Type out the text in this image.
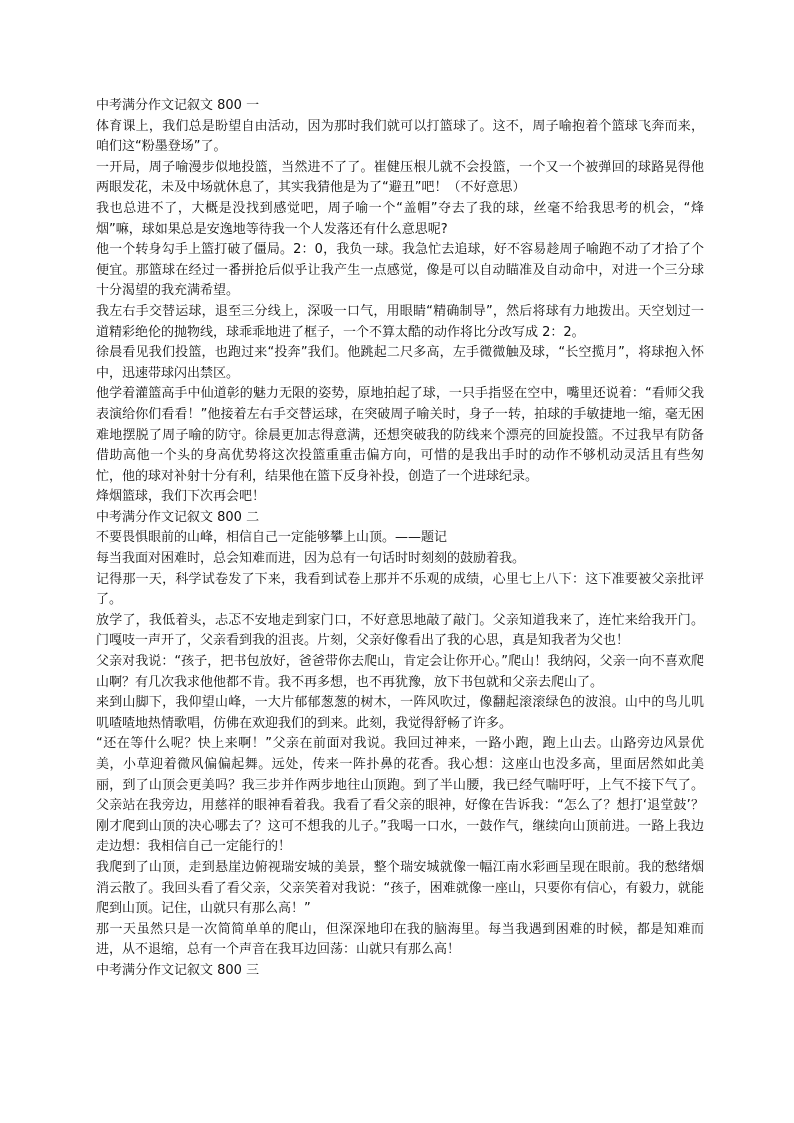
中考满分作文记叙文 800 一

体育课上，我们总是盼望自由活动，因为那时我们就可以打篮球了。这不，周子喻抱着个篮球飞奔而来，咱们这“粉墨登场”了。

一开局，周子喻漫步似地投篮，当然进不了了。崔健压根儿就不会投篮，一个又一个被弹回的球路晃得他两眼发花，未及中场就休息了，其实我猜他是为了“避丑”吧！（不好意思）

我也总进不了，大概是没找到感觉吧，周子喻一个“盖帽”夺去了我的球，丝毫不给我思考的机会，“烽烟”嘛，球如果总是安逸地等待我一个人发落还有什么意思呢?

他一个转身勾手上篮打破了僵局。2：0，我负一球。我急忙去追球，好不容易趁周子喻跑不动了才拾了个便宜。那篮球在经过一番拼抢后似乎让我产生一点感觉，像是可以自动瞄准及自动命中，对进一个三分球十分渴望的我充满希望。

我左右手交替运球，退至三分线上，深吸一口气，用眼睛“精确制导”，然后将球有力地拨出。天空划过一道精彩绝伦的抛物线，球乖乖地进了框子，一个不算太酷的动作将比分改写成 2：2。

徐晨看见我们投篮，也跑过来“投奔”我们。他跳起二尺多高，左手微微触及球，“长空揽月”，将球抱入怀中，迅速带球闪出禁区。

他学着灌篮高手中仙道彰的魅力无限的姿势，原地拍起了球，一只手指竖在空中，嘴里还说着：“看师父我表演给你们看看！”他接着左右手交替运球，在突破周子喻关时，身子一转，拍球的手敏捷地一缩，毫无困难地摆脱了周子喻的防守。徐晨更加志得意满，还想突破我的防线来个漂亮的回旋投篮。不过我早有防备借助高他一个头的身高优势将这次投篮重重击偏方向，可惜的是我出手时的动作不够机动灵活且有些匆忙，他的球对补射十分有利，结果他在篮下反身补投，创造了一个进球纪录。

烽烟篮球，我们下次再会吧！

中考满分作文记叙文 800 二

不要畏惧眼前的山峰，相信自己一定能够攀上山顶。——题记

每当我面对困难时，总会知难而进，因为总有一句话时时刻刻的鼓励着我。

记得那一天，科学试卷发了下来，我看到试卷上那并不乐观的成绩，心里七上八下：这下准要被父亲批评了。

放学了，我低着头，忐忑不安地走到家门口，不好意思地敲了敲门。父亲知道我来了，连忙来给我开门。门嘎吱一声开了，父亲看到我的沮丧。片刻，父亲好像看出了我的心思，真是知我者为父也！

父亲对我说：“孩子，把书包放好，爸爸带你去爬山，肯定会让你开心。”爬山！我纳闷，父亲一向不喜欢爬山啊？有几次我求他他都不肯。我不再多想，也不再犹豫，放下书包就和父亲去爬山了。

来到山脚下，我仰望山峰，一大片郁郁葱葱的树木，一阵风吹过，像翻起滚滚绿色的波浪。山中的鸟儿叽叽喳喳地热情歌唱，仿佛在欢迎我们的到来。此刻，我觉得舒畅了许多。

“还在等什么呢？快上来啊！”父亲在前面对我说。我回过神来，一路小跑，跑上山去。山路旁边风景优美，小草迎着微风偏偏起舞。远处，传来一阵扑鼻的花香。我心想：这座山也没多高，里面居然如此美丽，到了山顶会更美吗？我三步并作两步地往山顶跑。到了半山腰，我已经气喘吁吁，上气不接下气了。父亲站在我旁边，用慈祥的眼神看着我。我看了看父亲的眼神，好像在告诉我：“怎么了？想打‘退堂鼓’？刚才爬到山顶的决心哪去了？这可不想我的儿子。”我喝一口水，一鼓作气，继续向山顶前进。一路上我边走边想：我相信自己一定能行的！

我爬到了山顶，走到悬崖边俯视瑞安城的美景，整个瑞安城就像一幅江南水彩画呈现在眼前。我的愁绪烟消云散了。我回头看了看父亲，父亲笑着对我说：“孩子，困难就像一座山，只要你有信心，有毅力，就能爬到山顶。记住，山就只有那么高！”

那一天虽然只是一次简简单单的爬山，但深深地印在我的脑海里。每当我遇到困难的时候，都是知难而进，从不退缩，总有一个声音在我耳边回荡：山就只有那么高！

中考满分作文记叙文 800 三
